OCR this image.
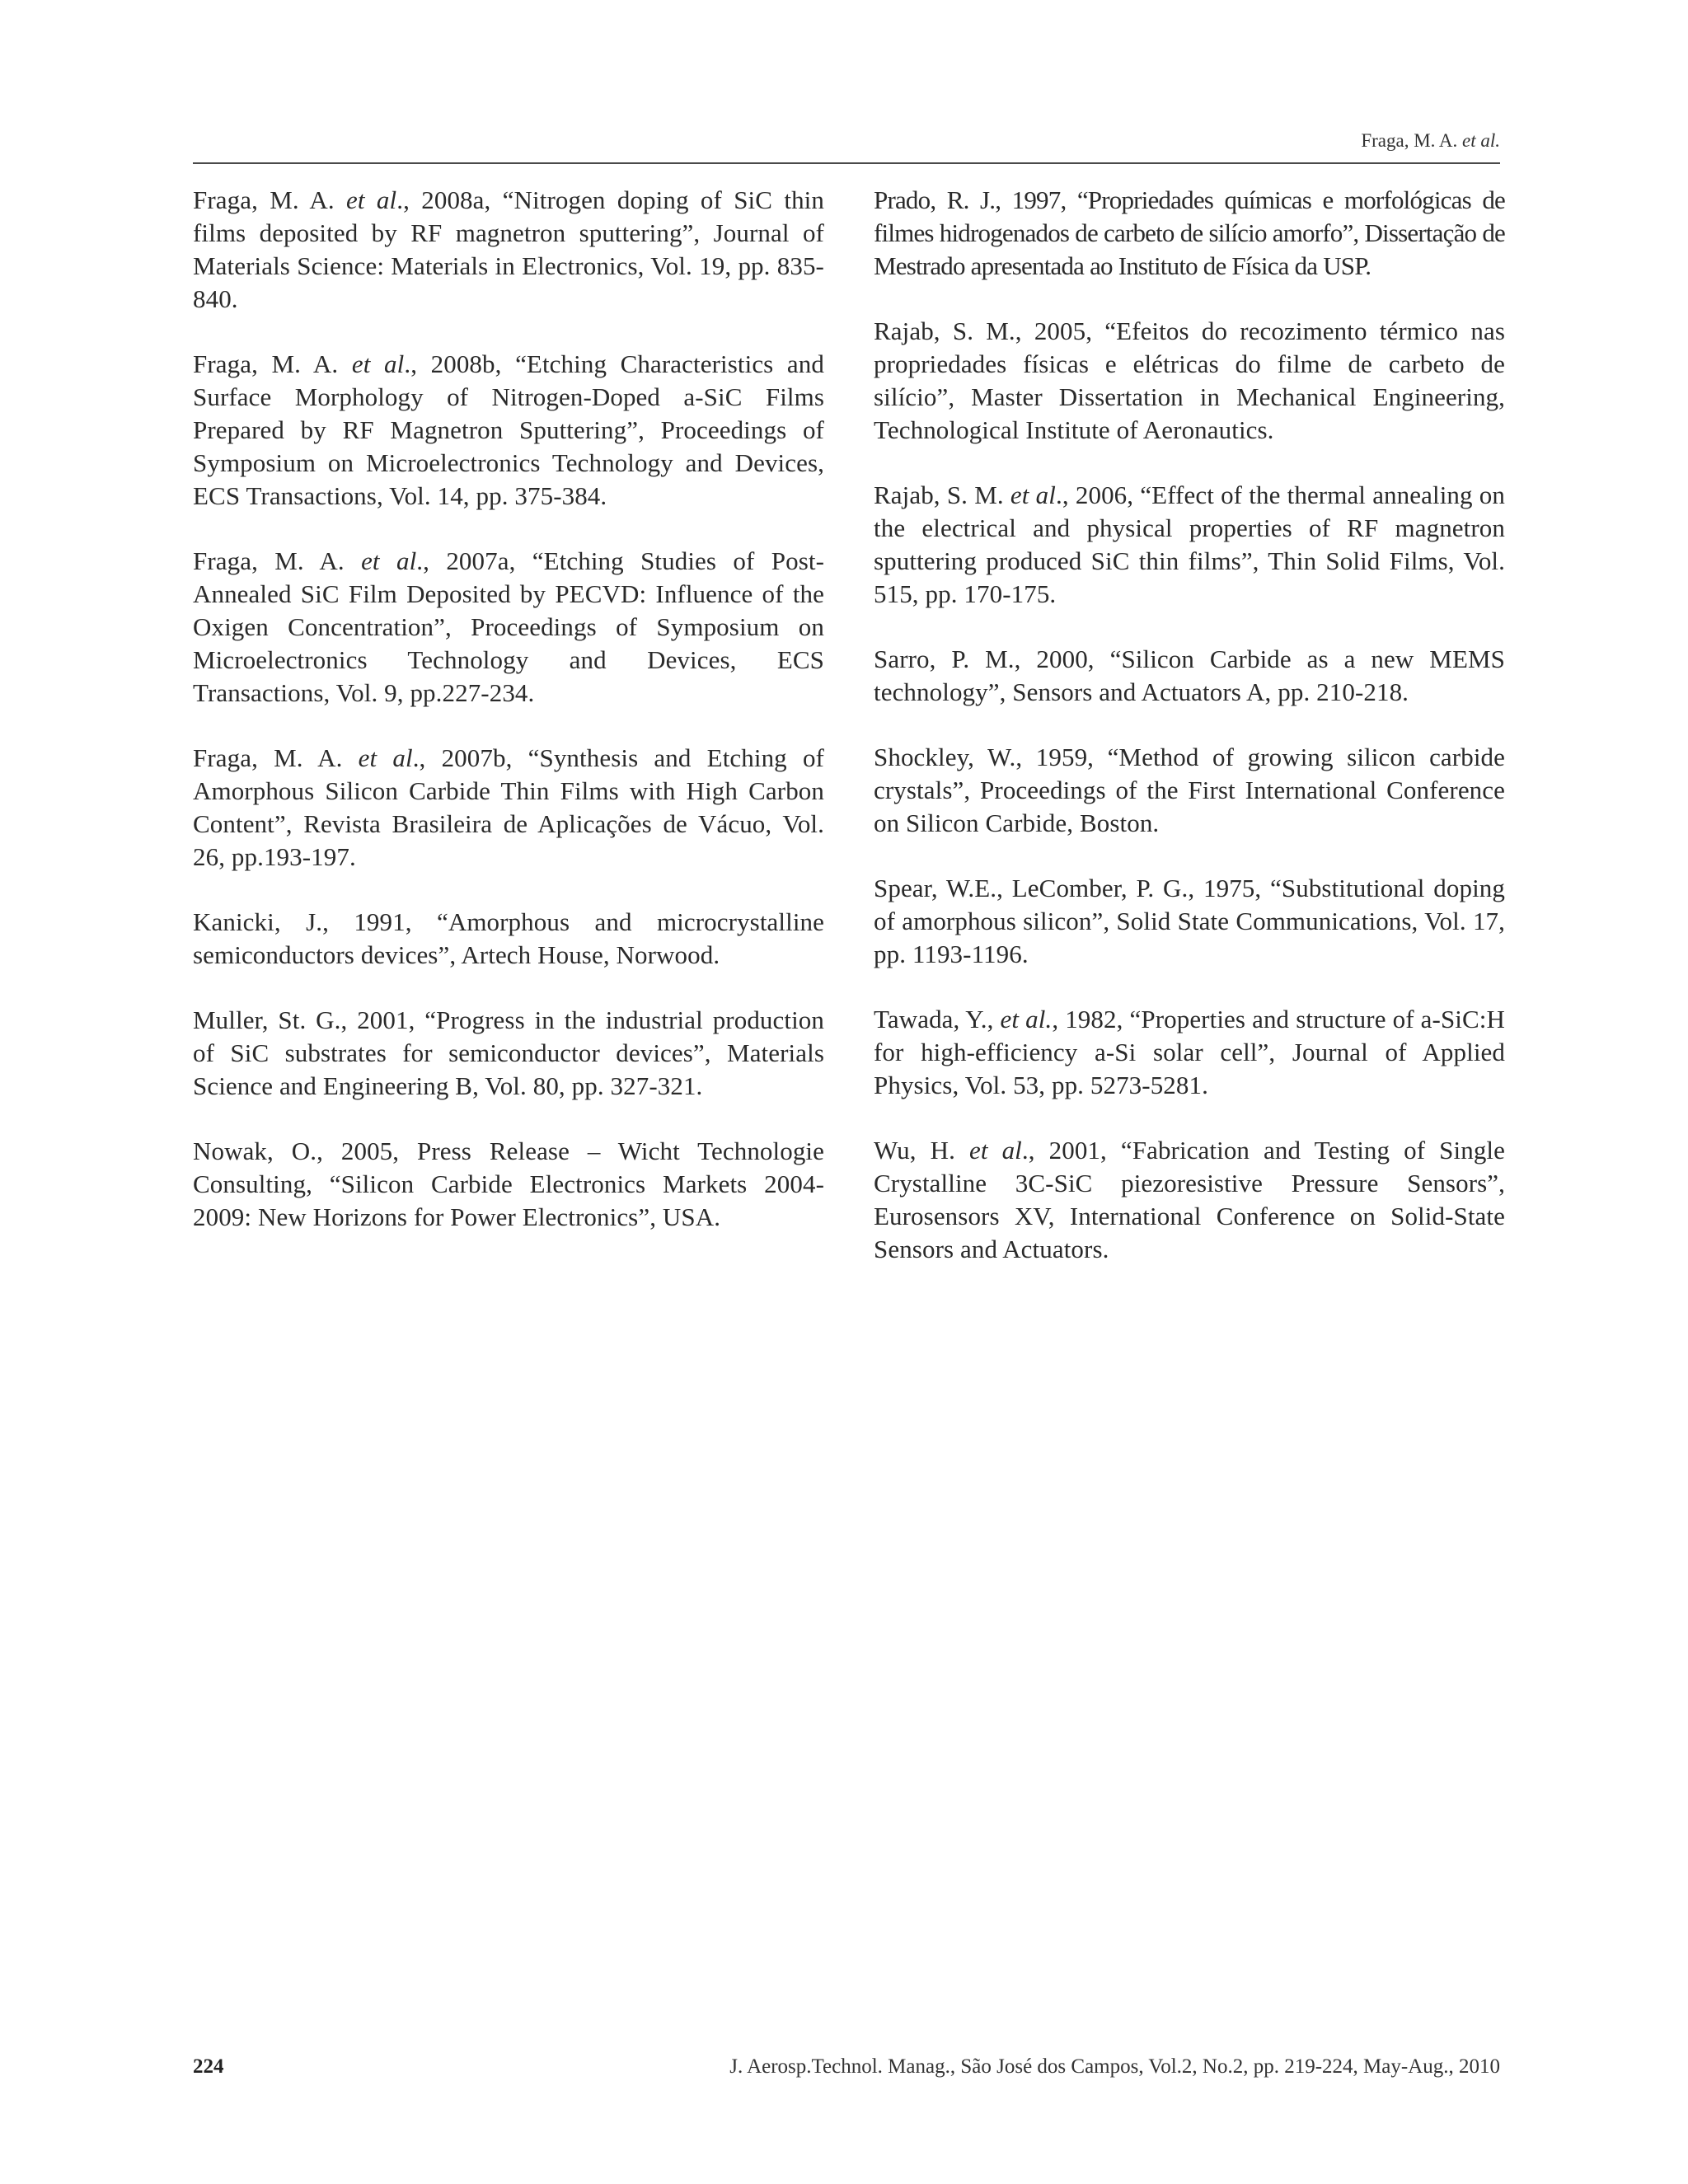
Fraga, M. A. et al.

Fraga, M. A. et al., 2008a, “Nitrogen doping of SiC thin films deposited by RF magnetron sputtering”, Journal of Materials Science: Materials in Electronics, Vol. 19, pp. 835-840.

Fraga, M. A. et al., 2008b, “Etching Characteristics and Surface Morphology of Nitrogen-Doped a-SiC Films Prepared by RF Magnetron Sputtering”, Proceedings of Symposium on Microelectronics Technology and Devices, ECS Transactions, Vol. 14, pp. 375-384.

Fraga, M. A. et al., 2007a, “Etching Studies of Post-Annealed SiC Film Deposited by PECVD: Influence of the Oxigen Concentration”, Proceedings of Symposium on Microelectronics Technology and Devices, ECS Transactions, Vol. 9, pp.227-234.

Fraga, M. A. et al., 2007b, “Synthesis and Etching of Amorphous Silicon Carbide Thin Films with High Carbon Content”, Revista Brasileira de Aplicações de Vácuo, Vol. 26, pp.193-197.

Kanicki, J., 1991, “Amorphous and microcrystalline semiconductors devices”, Artech House, Norwood.

Muller, St. G., 2001, “Progress in the industrial production of SiC substrates for semiconductor devices”, Materials Science and Engineering B, Vol. 80, pp. 327-321.

Nowak, O., 2005, Press Release – Wicht Technologie Consulting, “Silicon Carbide Electronics Markets 2004-2009: New Horizons for Power Electronics”, USA.

Prado, R. J., 1997, “Propriedades químicas e morfológicas de filmes hidrogenados de carbeto de silício amorfo”, Dissertação de Mestrado apresentada ao Instituto de Física da USP.

Rajab, S. M., 2005, “Efeitos do recozimento térmico nas propriedades físicas e elétricas do filme de carbeto de silício”, Master Dissertation in Mechanical Engineering, Technological Institute of Aeronautics.

Rajab, S. M. et al., 2006, “Effect of the thermal annealing on the electrical and physical properties of RF magnetron sputtering produced SiC thin films”, Thin Solid Films, Vol. 515, pp. 170-175.

Sarro, P. M., 2000, “Silicon Carbide as a new MEMS technology”, Sensors and Actuators A, pp. 210-218.

Shockley, W., 1959, “Method of growing silicon carbide crystals”, Proceedings of the First International Conference on Silicon Carbide, Boston.

Spear, W.E., LeComber, P. G., 1975, “Substitutional doping of amorphous silicon”, Solid State Communications, Vol. 17, pp. 1193-1196.

Tawada, Y., et al., 1982, “Properties and structure of a-SiC:H for high-efficiency a-Si solar cell”, Journal of Applied Physics, Vol. 53, pp. 5273-5281.

Wu, H. et al., 2001, “Fabrication and Testing of Single Crystalline 3C-SiC piezoresistive Pressure Sensors”, Eurosensors XV, International Conference on Solid-State Sensors and Actuators.

224	J. Aerosp.Technol. Manag., São José dos Campos, Vol.2, No.2, pp. 219-224, May-Aug., 2010
